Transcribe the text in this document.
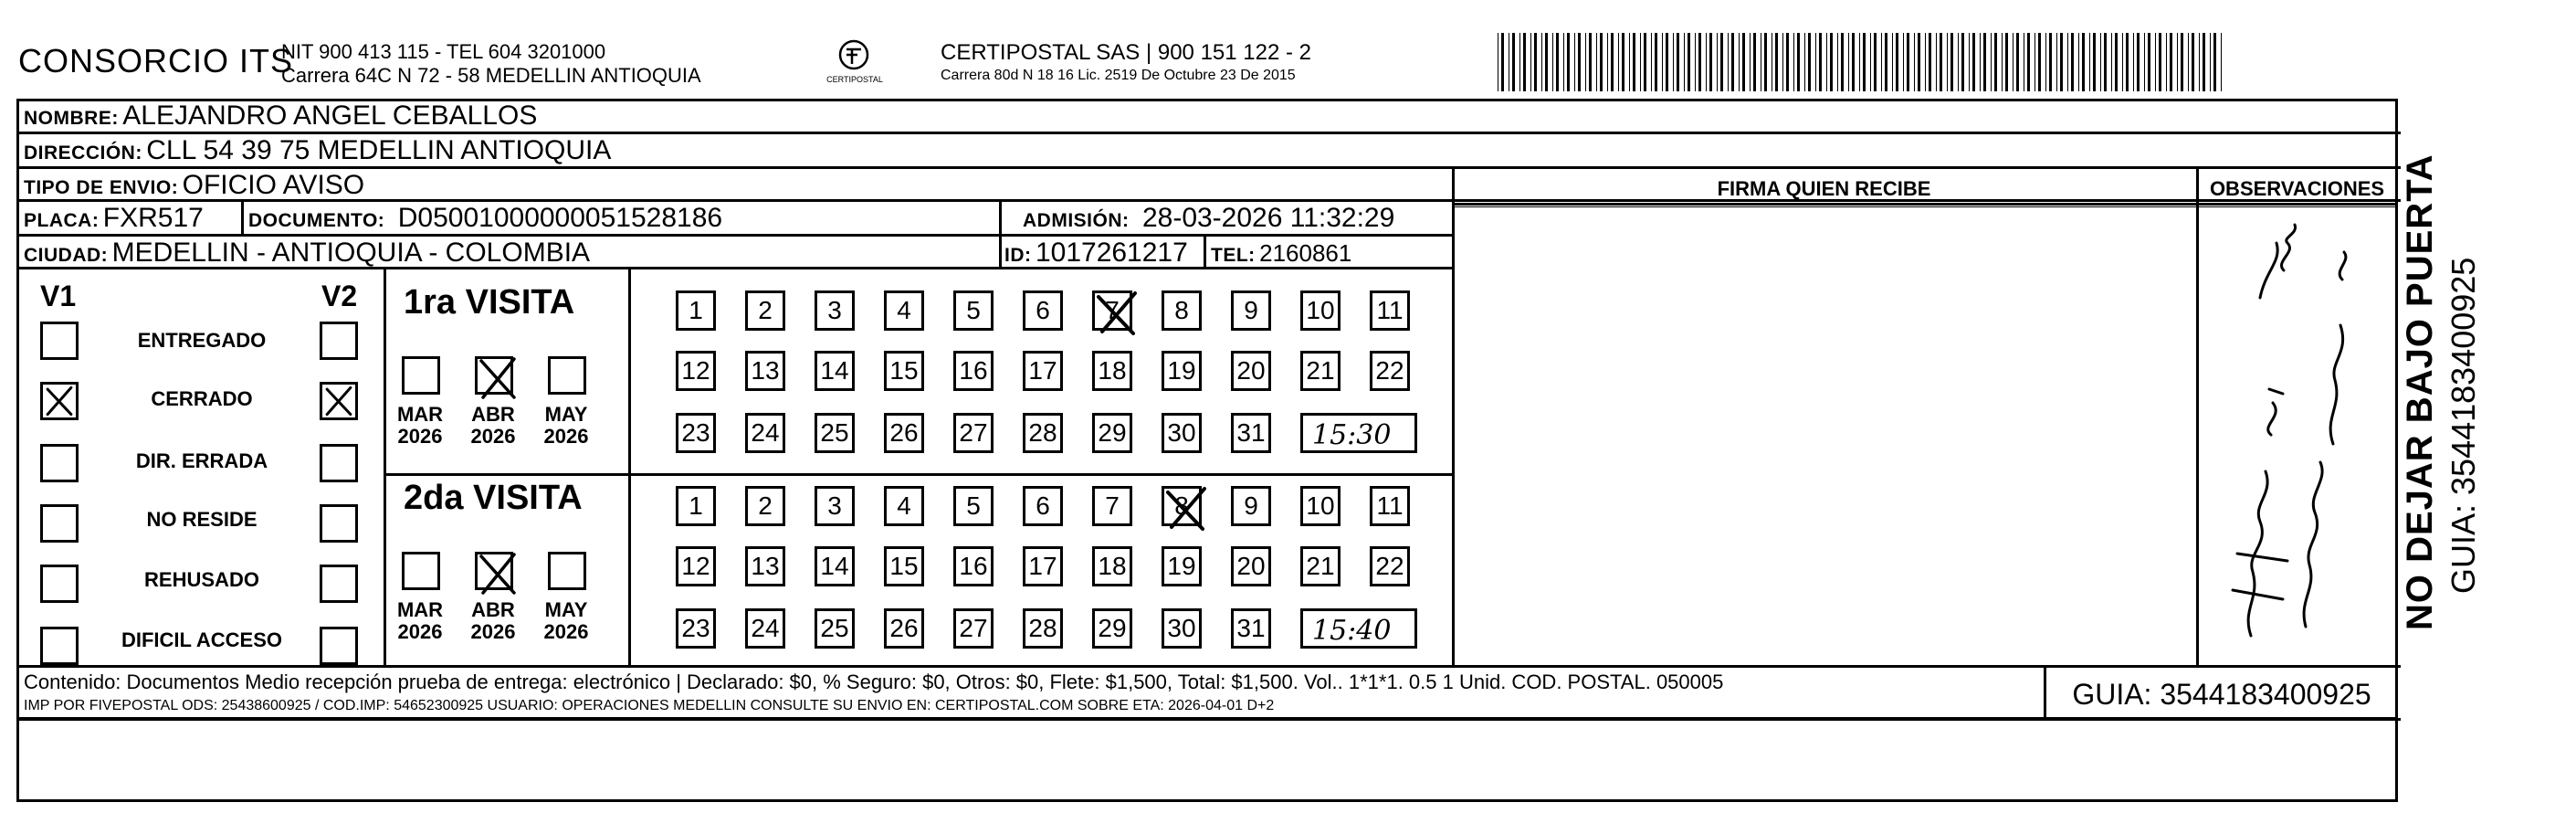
CONSORCIO ITS
NIT 900 413 115 - TEL 604 3201000
Carrera 64C N 72 - 58 MEDELLIN ANTIOQUIA	CERTIPOSTAL
CERTIPOSTAL SAS | 900 151 122 - 2
Carrera 80d N 18 16 Lic. 2519 De Octubre 23 De 2015
NOMBRE: ALEJANDRO ANGEL CEBALLOS
DIRECCIÓN: CLL 54 39 75 MEDELLIN ANTIOQUIA
TIPO DE ENVIO: OFICIO AVISO
PLACA: FXR517 DOCUMENTO: D05001000000051528186	ADMISIÓN: 28-03-2026 11:32:29
CIUDAD: MEDELLIN - ANTIOQUIA - COLOMBIA	ID: 1017261217 TEL: 2160861
FIRMA QUIEN RECIBE	OBSERVACIONES
V1	V2
ENTREGADO
CERRADO
DIR. ERRADA
NO RESIDE
REHUSADO
DIFICIL ACCESO
1ra VISITA
MAR
2026
ABR
2026
MAY
2026
1	2	3	4	5	6	7	8	9	10 11
12 13 14 15 16 17 18 19 20 21 22
23 24 25 26 27 28 29 30 31 15:30
2da VISITA
MAR
2026
ABR
2026
MAY
2026
1	2	3	4	5	6	7	8	9	10 11
12 13 14 15 16 17 18 19 20 21 22
23 24 25 26 27 28 29 30 31 15:40
Contenido: Documentos Medio recepción prueba de entrega: electrónico | Declarado: $0, % Seguro: $0, Otros: $0, Flete: $1,500, Total: $1,500. Vol.. 1*1*1. 0.5 1 Unid. COD. POSTAL. 050005
IMP POR FIVEPOSTAL ODS: 25438600925 / COD.IMP: 54652300925 USUARIO: OPERACIONES MEDELLIN CONSULTE SU ENVIO EN: CERTIPOSTAL.COM SOBRE ETA: 2026-04-01 D+2	GUIA: 3544183400925
NO DEJAR BAJO PUERTA GUIA: 3544183400925
